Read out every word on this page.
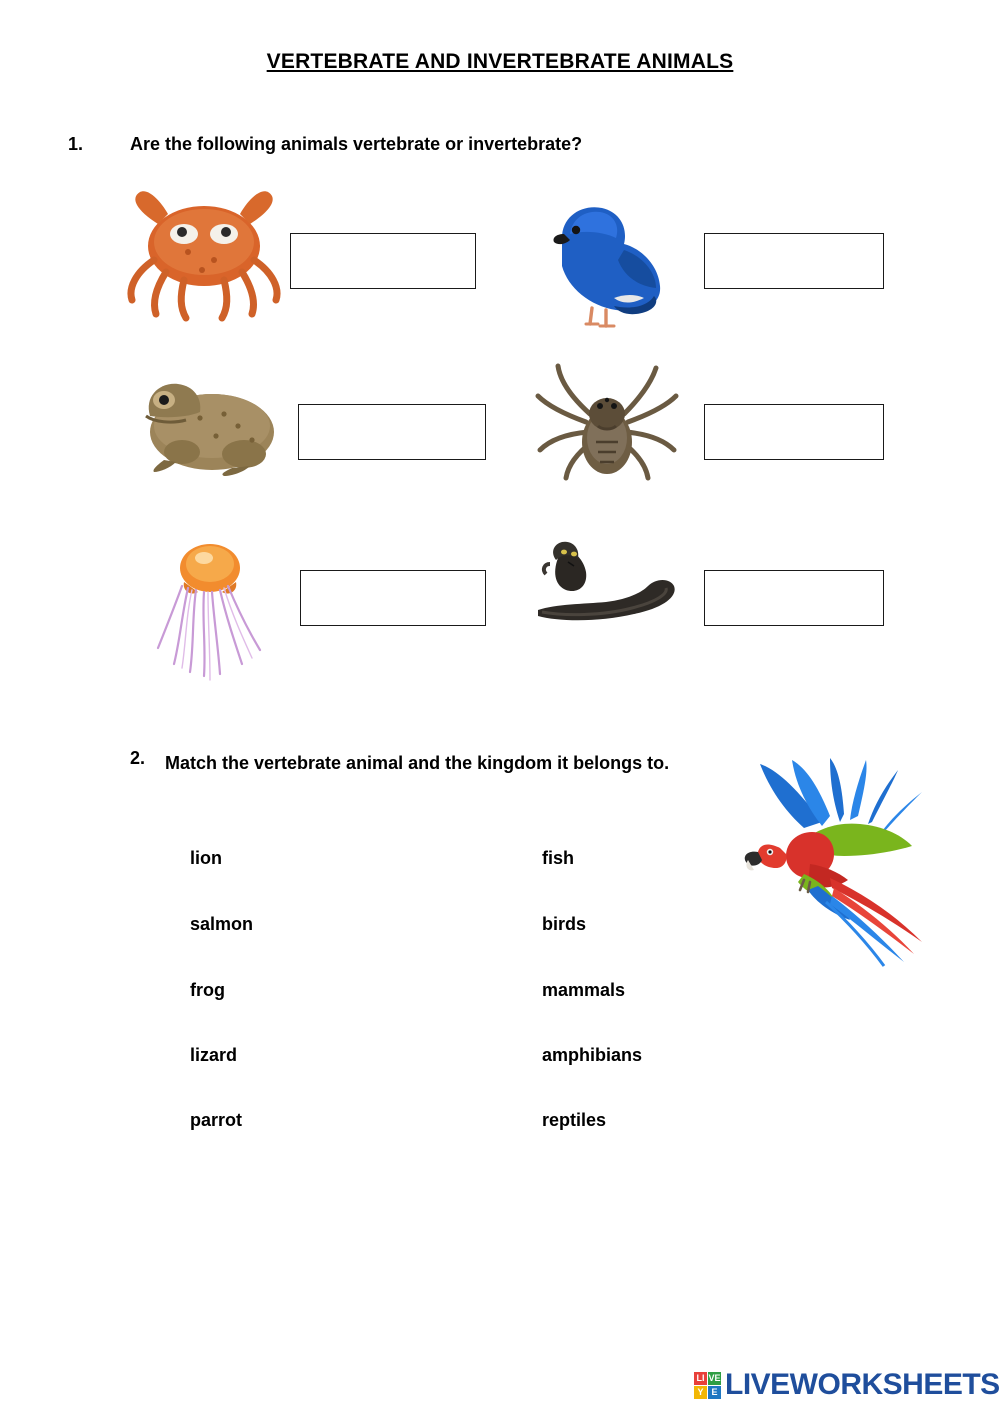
VERTEBRATE AND INVERTEBRATE ANIMALS
1.	Are the following animals vertebrate or invertebrate?
2. Match the vertebrate animal and the kingdom it belongs to.
lion
salmon
frog
lizard
parrot
fish
birds
mammals
amphibians
reptiles
LI VE
Y E LIVEWORKSHEETS
